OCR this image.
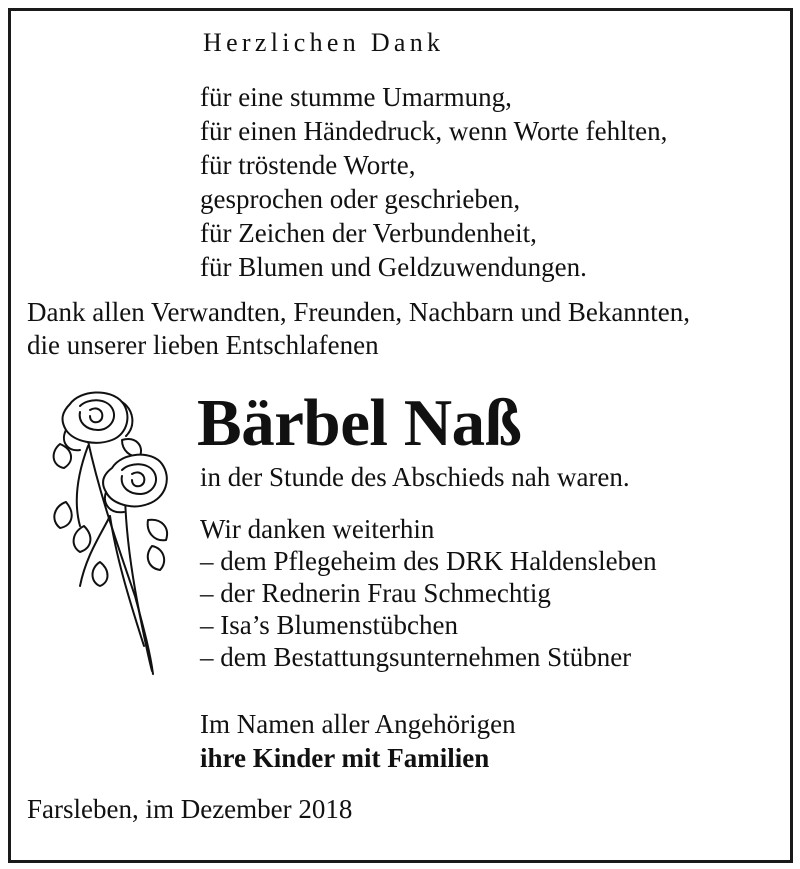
Herzlichen Dank
für eine stumme Umarmung,
für einen Händedruck, wenn Worte fehlten,
für tröstende Worte,
gesprochen oder geschrieben,
für Zeichen der Verbundenheit,
für Blumen und Geldzuwendungen.
Dank allen Verwandten, Freunden, Nachbarn und Bekannten,
die unserer lieben Entschlafenen
Bärbel Naß
in der Stunde des Abschieds nah waren.
Wir danken weiterhin
– dem Pflegeheim des DRK Haldensleben
– der Rednerin Frau Schmechtig
– Isa’s Blumenstübchen
– dem Bestattungsunternehmen Stübner
Im Namen aller Angehörigen
ihre Kinder mit Familien
Farsleben, im Dezember 2018
